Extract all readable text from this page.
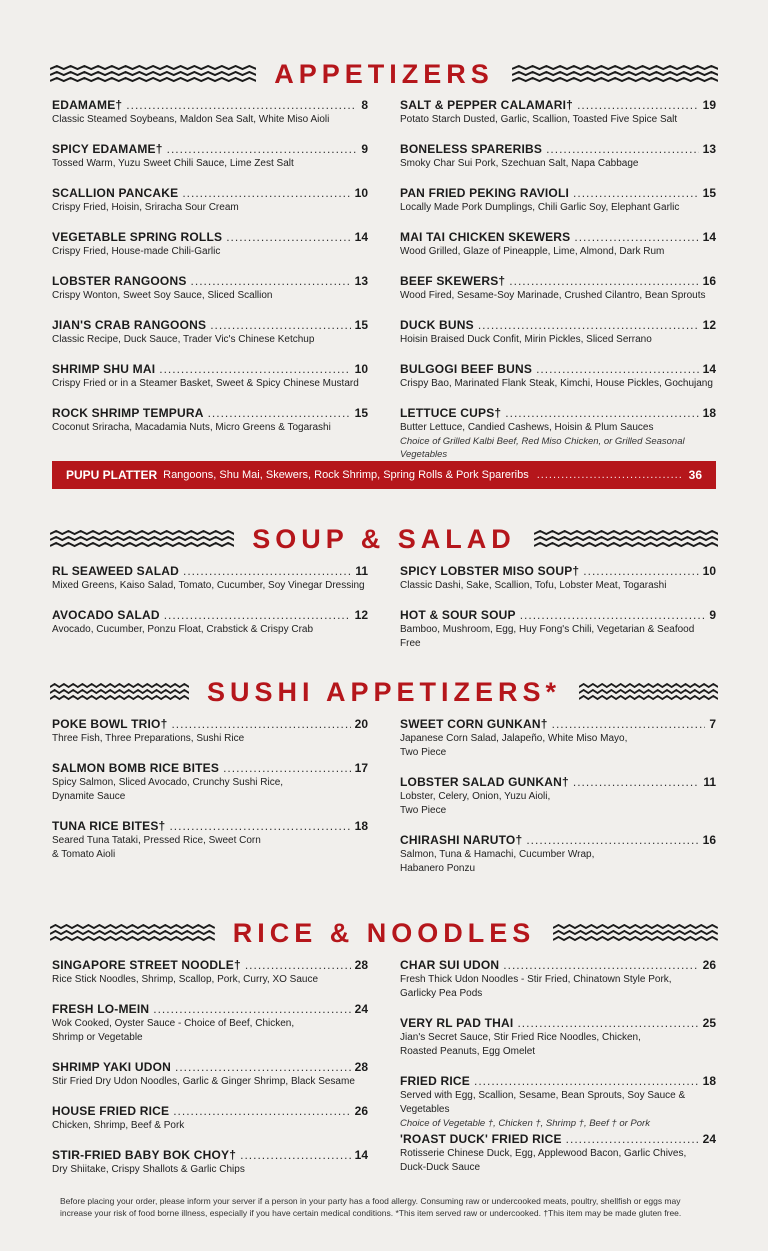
APPETIZERS
EDAMAME† .....	8
Classic Steamed Soybeans, Maldon Sea Salt, White Miso Aioli
SPICY EDAMAME† .....	9
Tossed Warm, Yuzu Sweet Chili Sauce, Lime Zest Salt
SCALLION PANCAKE .....	10
Crispy Fried, Hoisin, Sriracha Sour Cream
VEGETABLE SPRING ROLLS .....	14
Crispy Fried, House-made Chili-Garlic
LOBSTER RANGOONS .....	13
Crispy Wonton, Sweet Soy Sauce, Sliced Scallion
JIAN'S CRAB RANGOONS .....	15
Classic Recipe, Duck Sauce, Trader Vic's Chinese Ketchup
SHRIMP SHU MAI .....	10
Crispy Fried or in a Steamer Basket, Sweet & Spicy Chinese Mustard
ROCK SHRIMP TEMPURA .....	15
Coconut Sriracha, Macadamia Nuts, Micro Greens & Togarashi
SALT & PEPPER CALAMARI† .....	19
Potato Starch Dusted, Garlic, Scallion, Toasted Five Spice Salt
BONELESS SPARERIBS .....	13
Smoky Char Sui Pork, Szechuan Salt, Napa Cabbage
PAN FRIED PEKING RAVIOLI .....	15
Locally Made Pork Dumplings, Chili Garlic Soy, Elephant Garlic
MAI TAI CHICKEN SKEWERS .....	14
Wood Grilled, Glaze of Pineapple, Lime, Almond, Dark Rum
BEEF SKEWERS† .....	16
Wood Fired, Sesame-Soy Marinade, Crushed Cilantro, Bean Sprouts
DUCK BUNS .....	12
Hoisin Braised Duck Confit, Mirin Pickles, Sliced Serrano
BULGOGI BEEF BUNS .....	14
Crispy Bao, Marinated Flank Steak, Kimchi, House Pickles, Gochujang
LETTUCE CUPS† .....	18
Butter Lettuce, Candied Cashews, Hoisin & Plum Sauces
Choice of Grilled Kalbi Beef, Red Miso Chicken, or Grilled Seasonal Vegetables
PUPU PLATTER Rangoons, Shu Mai, Skewers, Rock Shrimp, Spring Rolls & Pork Spareribs .....	36
SOUP & SALAD
RL SEAWEED SALAD .....	11
Mixed Greens, Kaiso Salad, Tomato, Cucumber, Soy Vinegar Dressing
AVOCADO SALAD .....	12
Avocado, Cucumber, Ponzu Float, Crabstick & Crispy Crab
SPICY LOBSTER MISO SOUP† .....	10
Classic Dashi, Sake, Scallion, Tofu, Lobster Meat, Togarashi
HOT & SOUR SOUP .....	9
Bamboo, Mushroom, Egg, Huy Fong's Chili, Vegetarian & Seafood Free
SUSHI APPETIZERS*
POKE BOWL TRIO† .....	20
Three Fish, Three Preparations, Sushi Rice
SALMON BOMB RICE BITES .....	17
Spicy Salmon, Sliced Avocado, Crunchy Sushi Rice,
Dynamite Sauce
TUNA RICE BITES† .....	18
Seared Tuna Tataki, Pressed Rice, Sweet Corn
& Tomato Aioli
SWEET CORN GUNKAN† .....	7
Japanese Corn Salad, Jalapeño, White Miso Mayo,
Two Piece
LOBSTER SALAD GUNKAN† .....	11
Lobster, Celery, Onion, Yuzu Aioli,
Two Piece
CHIRASHI NARUTO† .....	16
Salmon, Tuna & Hamachi, Cucumber Wrap,
Habanero Ponzu
RICE & NOODLES
SINGAPORE STREET NOODLE† .....	28
Rice Stick Noodles, Shrimp, Scallop, Pork, Curry, XO Sauce
FRESH LO-MEIN .....	24
Wok Cooked, Oyster Sauce - Choice of Beef, Chicken,
Shrimp or Vegetable
SHRIMP YAKI UDON .....	28
Stir Fried Dry Udon Noodles, Garlic & Ginger Shrimp, Black Sesame
HOUSE FRIED RICE .....	26
Chicken, Shrimp, Beef & Pork
STIR-FRIED BABY BOK CHOY† .....	14
Dry Shiitake, Crispy Shallots & Garlic Chips
CHAR SUI UDON .....	26
Fresh Thick Udon Noodles - Stir Fried, Chinatown Style Pork,
Garlicky Pea Pods
VERY RL PAD THAI .....	25
Jian's Secret Sauce, Stir Fried Rice Noodles, Chicken,
Roasted Peanuts, Egg Omelet
FRIED RICE .....	18
Served with Egg, Scallion, Sesame, Bean Sprouts, Soy Sauce & Vegetables
Choice of Vegetable †, Chicken †, Shrimp †, Beef † or Pork
'ROAST DUCK' FRIED RICE .....	24
Rotisserie Chinese Duck, Egg, Applewood Bacon, Garlic Chives,
Duck-Duck Sauce
Before placing your order, please inform your server if a person in your party has a food allergy. Consuming raw or undercooked meats, poultry, shellfish or eggs may increase your risk of food borne illness, especially if you have certain medical conditions. *This item served raw or undercooked. †This item may be made gluten free.
